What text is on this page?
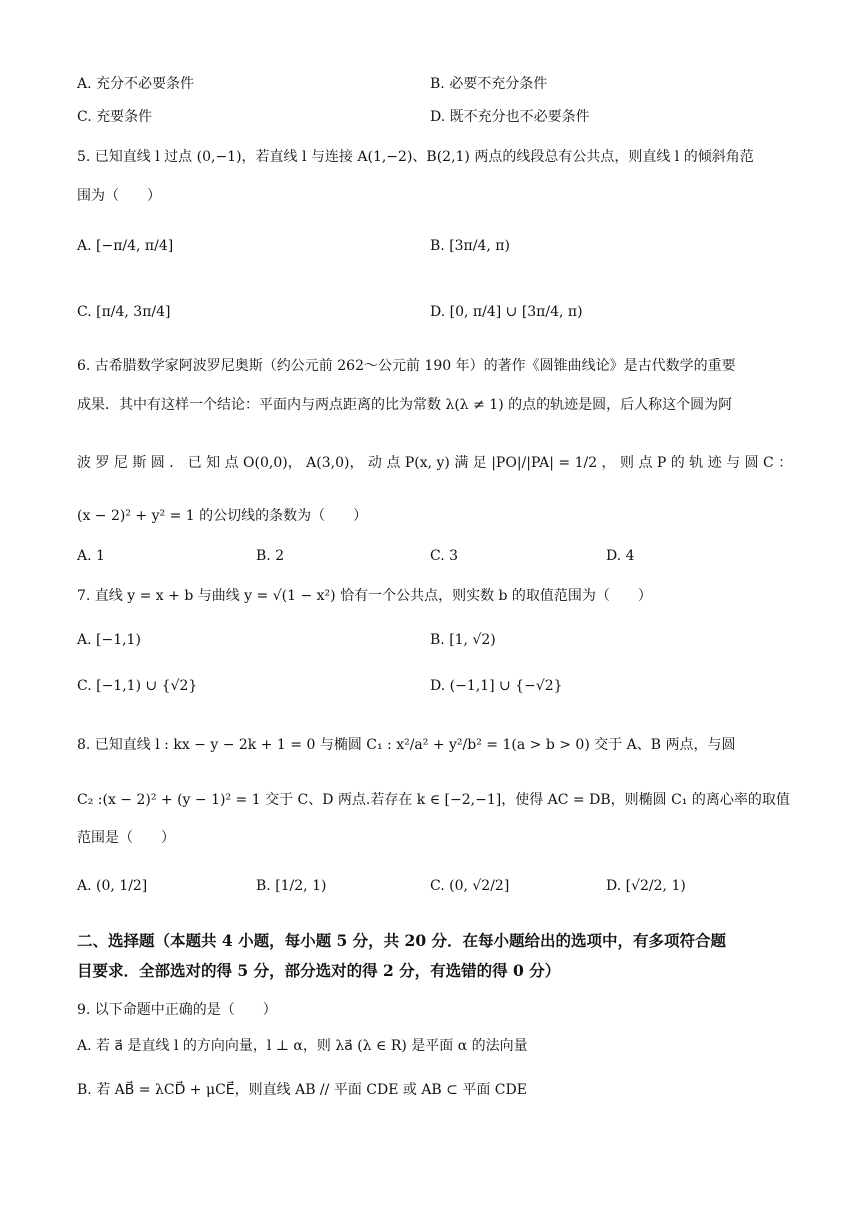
A. 充分不必要条件	B. 必要不充分条件
C. 充要条件	D. 既不充分也不必要条件
5. 已知直线 l 过点 (0,−1)，若直线 l 与连接 A(1,−2)、B(2,1) 两点的线段总有公共点，则直线 l 的倾斜角范
围为（　　）
A. [−π/4, π/4]	B. [3π/4, π)
C. [π/4, 3π/4]	D. [0, π/4] ∪ [3π/4, π)
6. 古希腊数学家阿波罗尼奥斯（约公元前 262～公元前 190 年）的著作《圆锥曲线论》是古代数学的重要
成果．其中有这样一个结论：平面内与两点距离的比为常数 λ(λ ≠ 1) 的点的轨迹是圆，后人称这个圆为阿
波 罗 尼 斯 圆 ． 已 知 点 O(0,0)， A(3,0)， 动 点 P(x, y) 满 足 |PO|/|PA| = 1/2 ， 则 点 P 的 轨 迹 与 圆 C ：
(x − 2)² + y² = 1 的公切线的条数为（　　）
A. 1	B. 2	C. 3	D. 4
7. 直线 y = x + b 与曲线 y = √(1 − x²) 恰有一个公共点，则实数 b 的取值范围为（　　）
A. [−1,1)	B. [1, √2)
C. [−1,1) ∪ {√2}	D. (−1,1] ∪ {−√2}
8. 已知直线 l : kx − y − 2k + 1 = 0 与椭圆 C₁ : x²/a² + y²/b² = 1(a > b > 0) 交于 A、B 两点，与圆
C₂ :(x − 2)² + (y − 1)² = 1 交于 C、D 两点.若存在 k ∈ [−2,−1]，使得 AC = DB，则椭圆 C₁ 的离心率的取值
范围是（　　）
A. (0, 1/2]	B. [1/2, 1)	C. (0, √2/2]	D. [√2/2, 1)
二、选择题（本题共 4 小题，每小题 5 分，共 20 分．在每小题给出的选项中，有多项符合题
目要求．全部选对的得 5 分，部分选对的得 2 分，有选错的得 0 分）
9. 以下命题中正确的是（　　）
A. 若 a⃗ 是直线 l 的方向向量，l ⊥ α，则 λa⃗ (λ ∈ R) 是平面 α 的法向量
B. 若 AB⃗ = λCD⃗ + μCE⃗，则直线 AB // 平面 CDE 或 AB ⊂ 平面 CDE
